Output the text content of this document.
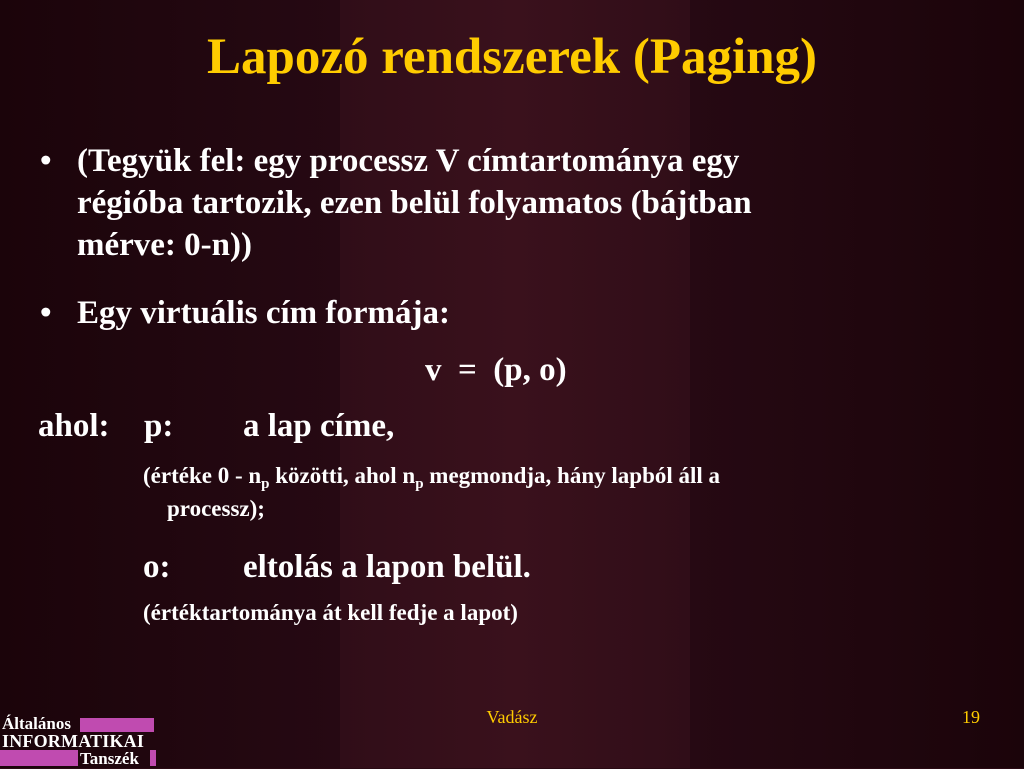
Lapozó rendszerek (Paging)
• (Tegyük fel: egy processz V címtartománya egy
régióba tartozik, ezen belül folyamatos (bájtban
mérve: 0-n))
• Egy virtuális cím formája:
v  =  (p, o)
ahol: p: a lap címe,
(értéke $0 - n_p$ közötti, ahol $n_p$ megmondja, hány lapból áll a
processz);
o: eltolás a lapon belül.
(értéktartománya át kell fedje a lapot)
Vadász	19
Általános
INFORMATIKAI
Tanszék
